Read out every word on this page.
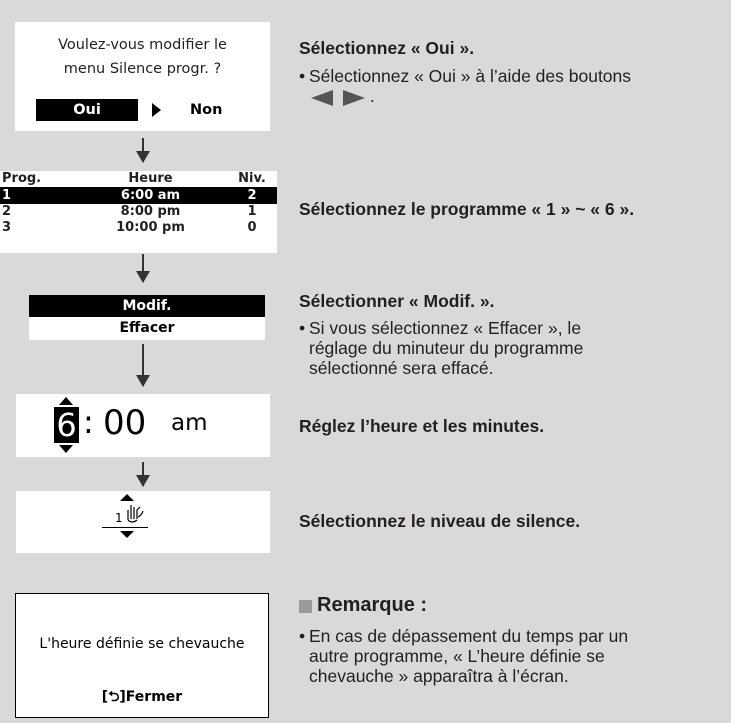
Voulez-vous modifier le
menu Silence progr. ?
Oui	Non
Sélectionnez « Oui ».
• Sélectionnez « Oui » à l’aide des boutons
.
Prog.	Heure	Niv.

1	6:00 am	2
2	8:00 pm	1
3	10:00 pm	0
Sélectionnez le programme « 1 » ~ « 6 ».
Modif.
Effacer
Sélectionner « Modif. ».
• Si vous sélectionnez « Effacer », le
réglage du minuteur du programme
sélectionné sera effacé.
6 : 00 am	Réglez l’heure et les minutes.
1	Sélectionnez le niveau de silence.
L'heure définie se chevauche
[⮌]Fermer
Remarque :
• En cas de dépassement du temps par un
autre programme, « L’heure définie se
chevauche » apparaîtra à l’écran.
